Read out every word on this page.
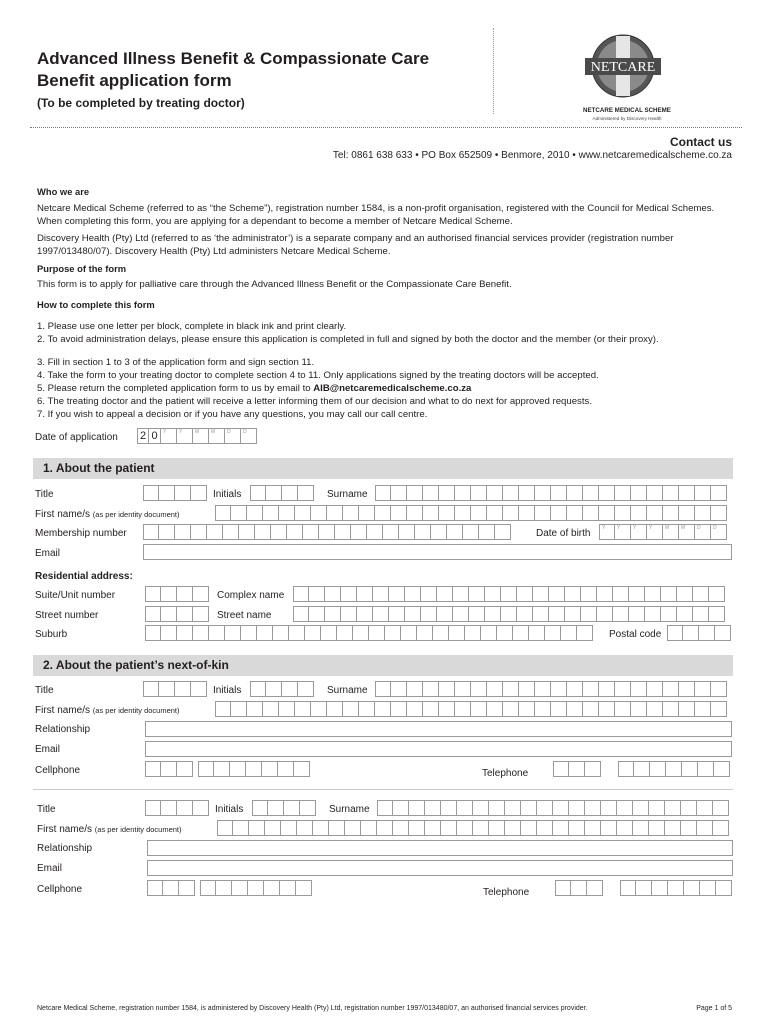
Advanced Illness Benefit & Compassionate Care Benefit application form
(To be completed by treating doctor)
NETCARE
NETCARE MEDICAL SCHEME
Administered by Discovery Health
Contact us
Tel: 0861 638 633 • PO Box 652509 • Benmore, 2010 • www.netcaremedicalscheme.co.za
Who we are
Netcare Medical Scheme (referred to as “the Scheme”), registration number 1584, is a non-profit organisation, registered with the Council for Medical Schemes. When completing this form, you are applying for a dependant to become a member of Netcare Medical Scheme.
Discovery Health (Pty) Ltd (referred to as ‘the administrator’) is a separate company and an authorised financial services provider (registration number 1997/013480/07). Discovery Health (Pty) Ltd administers Netcare Medical Scheme.
Purpose of the form
This form is to apply for palliative care through the Advanced Illness Benefit or the Compassionate Care Benefit.
How to complete this form
1. Please use one letter per block, complete in black ink and print clearly.
2. To avoid administration delays, please ensure this application is completed in full and signed by both the doctor and the member (or their proxy).
3. Fill in section 1 to 3 of the application form and sign section 11.
4. Take the form to your treating doctor to complete section 4 to 11. Only applications signed by the treating doctors will be accepted.
5. Please return the completed application form to us by email to AIB@netcaremedicalscheme.co.za
6. The treating doctor and the patient will receive a letter informing them of our decision and what to do next for approved requests.
7. If you wish to appeal a decision or if you have any questions, you may call our call centre.
Date of application 2 0	Y	Y	M M D D
1. About the patient
Title	Initials	Surname
First name/s (as per identity document)
Membership number	Date of birth Y Y	Y	Y	M M D D
Email
Residential address:
Suite/Unit number	Complex name
Street number	Street name
Suburb	Postal code
2. About the patient’s next-of-kin
Title	Initials	Surname
First name/s (as per identity document)
Relationship
Email
Cellphone	Telephone
Title	Initials	Surname
First name/s (as per identity document)
Relationship
Email
Cellphone	Telephone
Netcare Medical Scheme, registration number 1584, is administered by Discovery Health (Pty) Ltd, registration number 1997/013480/07, an authorised financial services provider.	Page 1 of 5
